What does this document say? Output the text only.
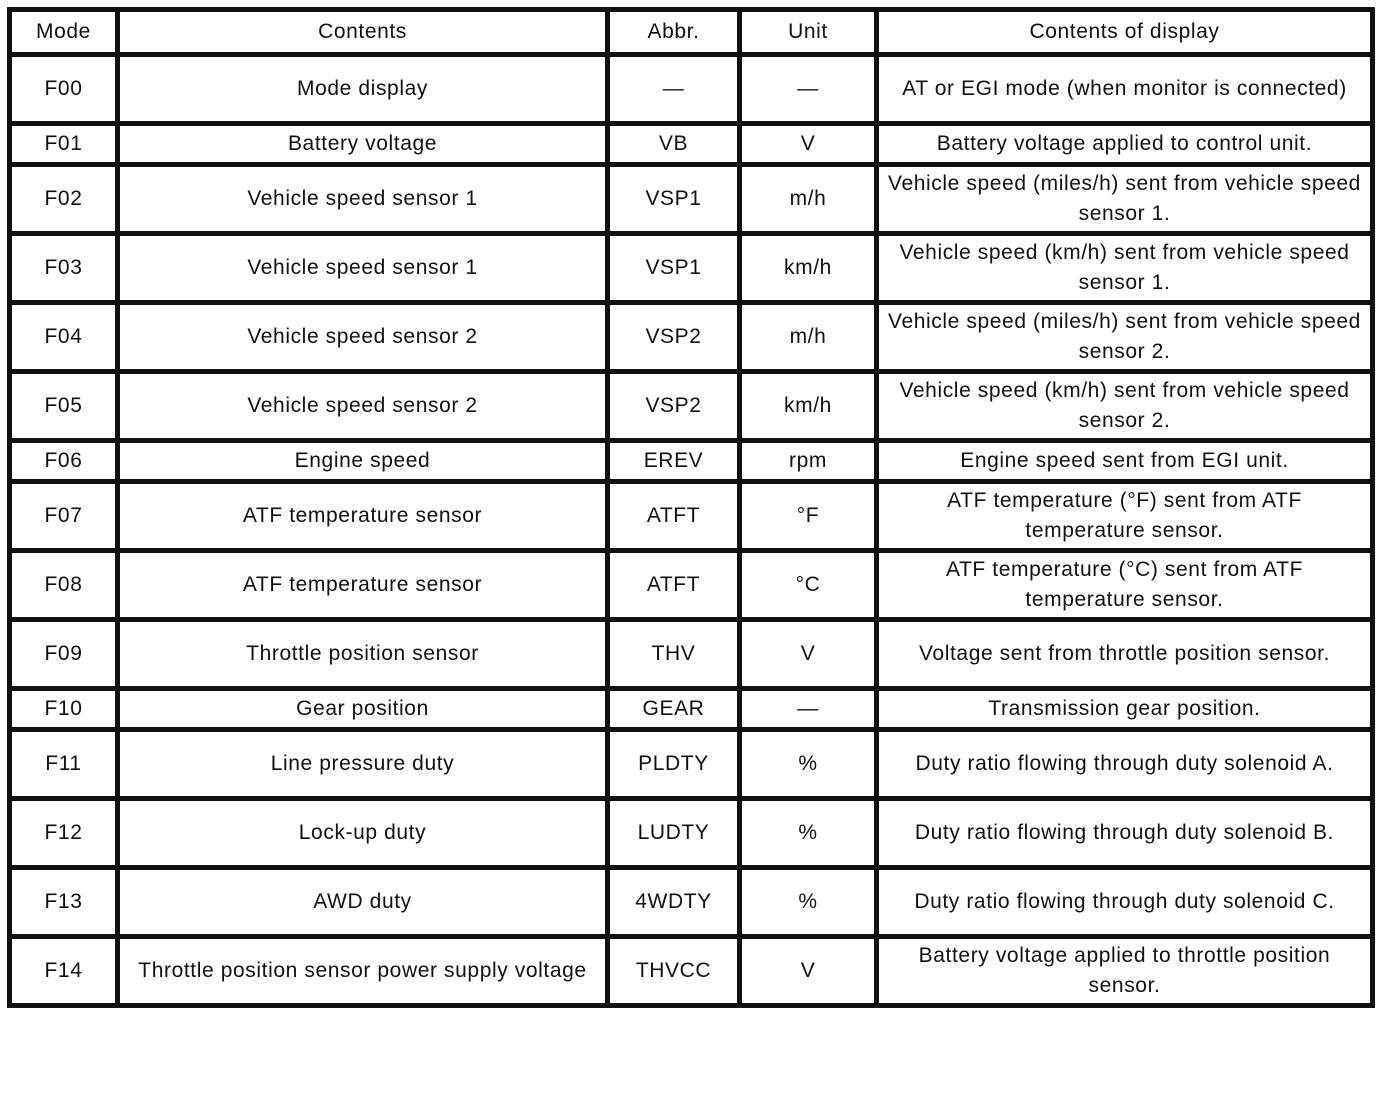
Mode	Contents	Abbr.	Unit	Contents of display
F00	Mode display	—	—	AT or EGI mode (when monitor is connected)
F01	Battery voltage	VB	V	Battery voltage applied to control unit.
F02	Vehicle speed sensor 1	VSP1	m/h	Vehicle speed (miles/h) sent from vehicle speed sensor 1.
F03	Vehicle speed sensor 1	VSP1	km/h	Vehicle speed (km/h) sent from vehicle speed sensor 1.
F04	Vehicle speed sensor 2	VSP2	m/h	Vehicle speed (miles/h) sent from vehicle speed sensor 2.
F05	Vehicle speed sensor 2	VSP2	km/h	Vehicle speed (km/h) sent from vehicle speed sensor 2.
F06	Engine speed	EREV	rpm	Engine speed sent from EGI unit.
F07	ATF temperature sensor	ATFT	°F	ATF temperature (°F) sent from ATF temperature sensor.
F08	ATF temperature sensor	ATFT	°C	ATF temperature (°C) sent from ATF temperature sensor.
F09	Throttle position sensor	THV	V	Voltage sent from throttle position sensor.
F10	Gear position	GEAR	—	Transmission gear position.
F11	Line pressure duty	PLDTY	%	Duty ratio flowing through duty solenoid A.
F12	Lock-up duty	LUDTY	%	Duty ratio flowing through duty solenoid B.
F13	AWD duty	4WDTY	%	Duty ratio flowing through duty solenoid C.
F14	Throttle position sensor power supply voltage	THVCC	V	Battery voltage applied to throttle position sensor.
